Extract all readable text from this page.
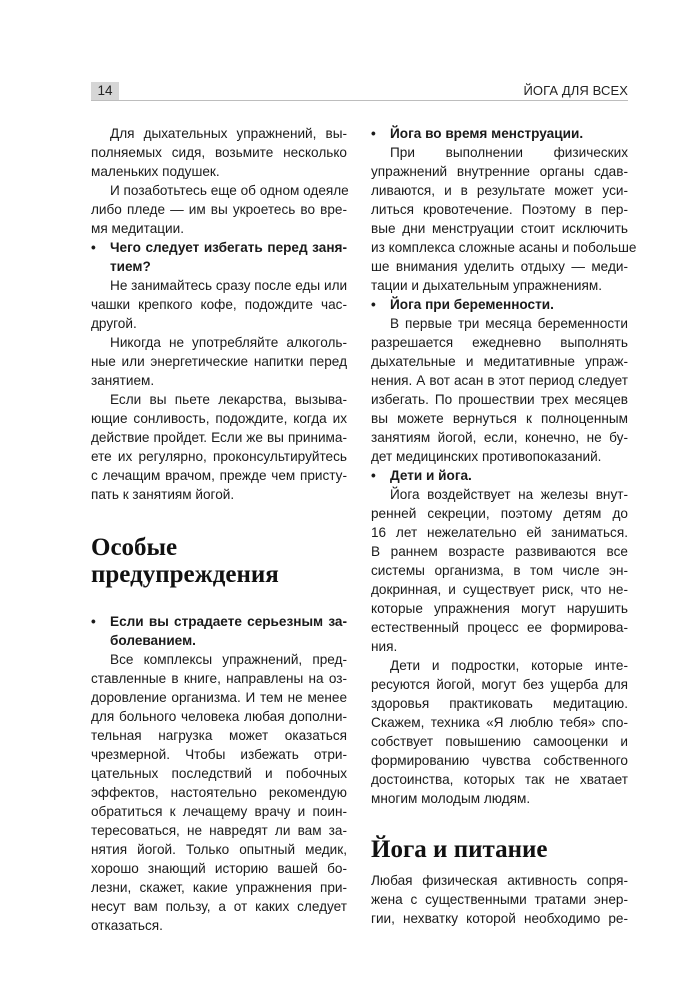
14	ЙОГА ДЛЯ ВСЕХ
Для дыхательных упражнений, вы-
полняемых сидя, возьмите несколько
маленьких подушек.
И позаботьтесь еще об одном одеяле
либо пледе — им вы укроетесь во вре-
мя медитации.
• Чего следует избегать перед заня-
тием?
Не занимайтесь сразу после еды или
чашки крепкого кофе, подождите час-
другой.
Никогда не употребляйте алкоголь-
ные или энергетические напитки перед
занятием.
Если вы пьете лекарства, вызыва-
ющие сонливость, подождите, когда их
действие пройдет. Если же вы принима-
ете их регулярно, проконсультируйтесь
с лечащим врачом, прежде чем присту-
пать к занятиям йогой.
Особые
предупреждения
• Если вы страдаете серьезным за-
болеванием.
Все комплексы упражнений, пред-
ставленные в книге, направлены на оз-
доровление организма. И тем не менее
для больного человека любая дополни-
тельная нагрузка может оказаться
чрезмерной. Чтобы избежать отри-
цательных последствий и побочных
эффектов, настоятельно рекомендую
обратиться к лечащему врачу и поин-
тересоваться, не навредят ли вам за-
нятия йогой. Только опытный медик,
хорошо знающий историю вашей бо-
лезни, скажет, какие упражнения при-
несут вам пользу, а от каких следует
отказаться.
• Йога во время менструации.
При выполнении физических
упражнений внутренние органы сдав-
ливаются, и в результате может уси-
литься кровотечение. Поэтому в пер-
вые дни менструации стоит исключить
из комплекса сложные асаны и побольше
ше внимания уделить отдыху — меди-
тации и дыхательным упражнениям.
• Йога при беременности.
В первые три месяца беременности
разрешается ежедневно выполнять
дыхательные и медитативные упраж-
нения. А вот асан в этот период следует
избегать. По прошествии трех месяцев
вы можете вернуться к полноценным
занятиям йогой, если, конечно, не бу-
дет медицинских противопоказаний.
• Дети и йога.
Йога воздействует на железы внут-
ренней секреции, поэтому детям до
16 лет нежелательно ей заниматься.
В раннем возрасте развиваются все
системы организма, в том числе эн-
докринная, и существует риск, что не-
которые упражнения могут нарушить
естественный процесс ее формирова-
ния.
Дети и подростки, которые инте-
ресуются йогой, могут без ущерба для
здоровья практиковать медитацию.
Скажем, техника «Я люблю тебя» спо-
собствует повышению самооценки и
формированию чувства собственного
достоинства, которых так не хватает
многим молодым людям.
Йога и питание
Любая физическая активность сопря-
жена с существенными тратами энер-
гии, нехватку которой необходимо ре-
